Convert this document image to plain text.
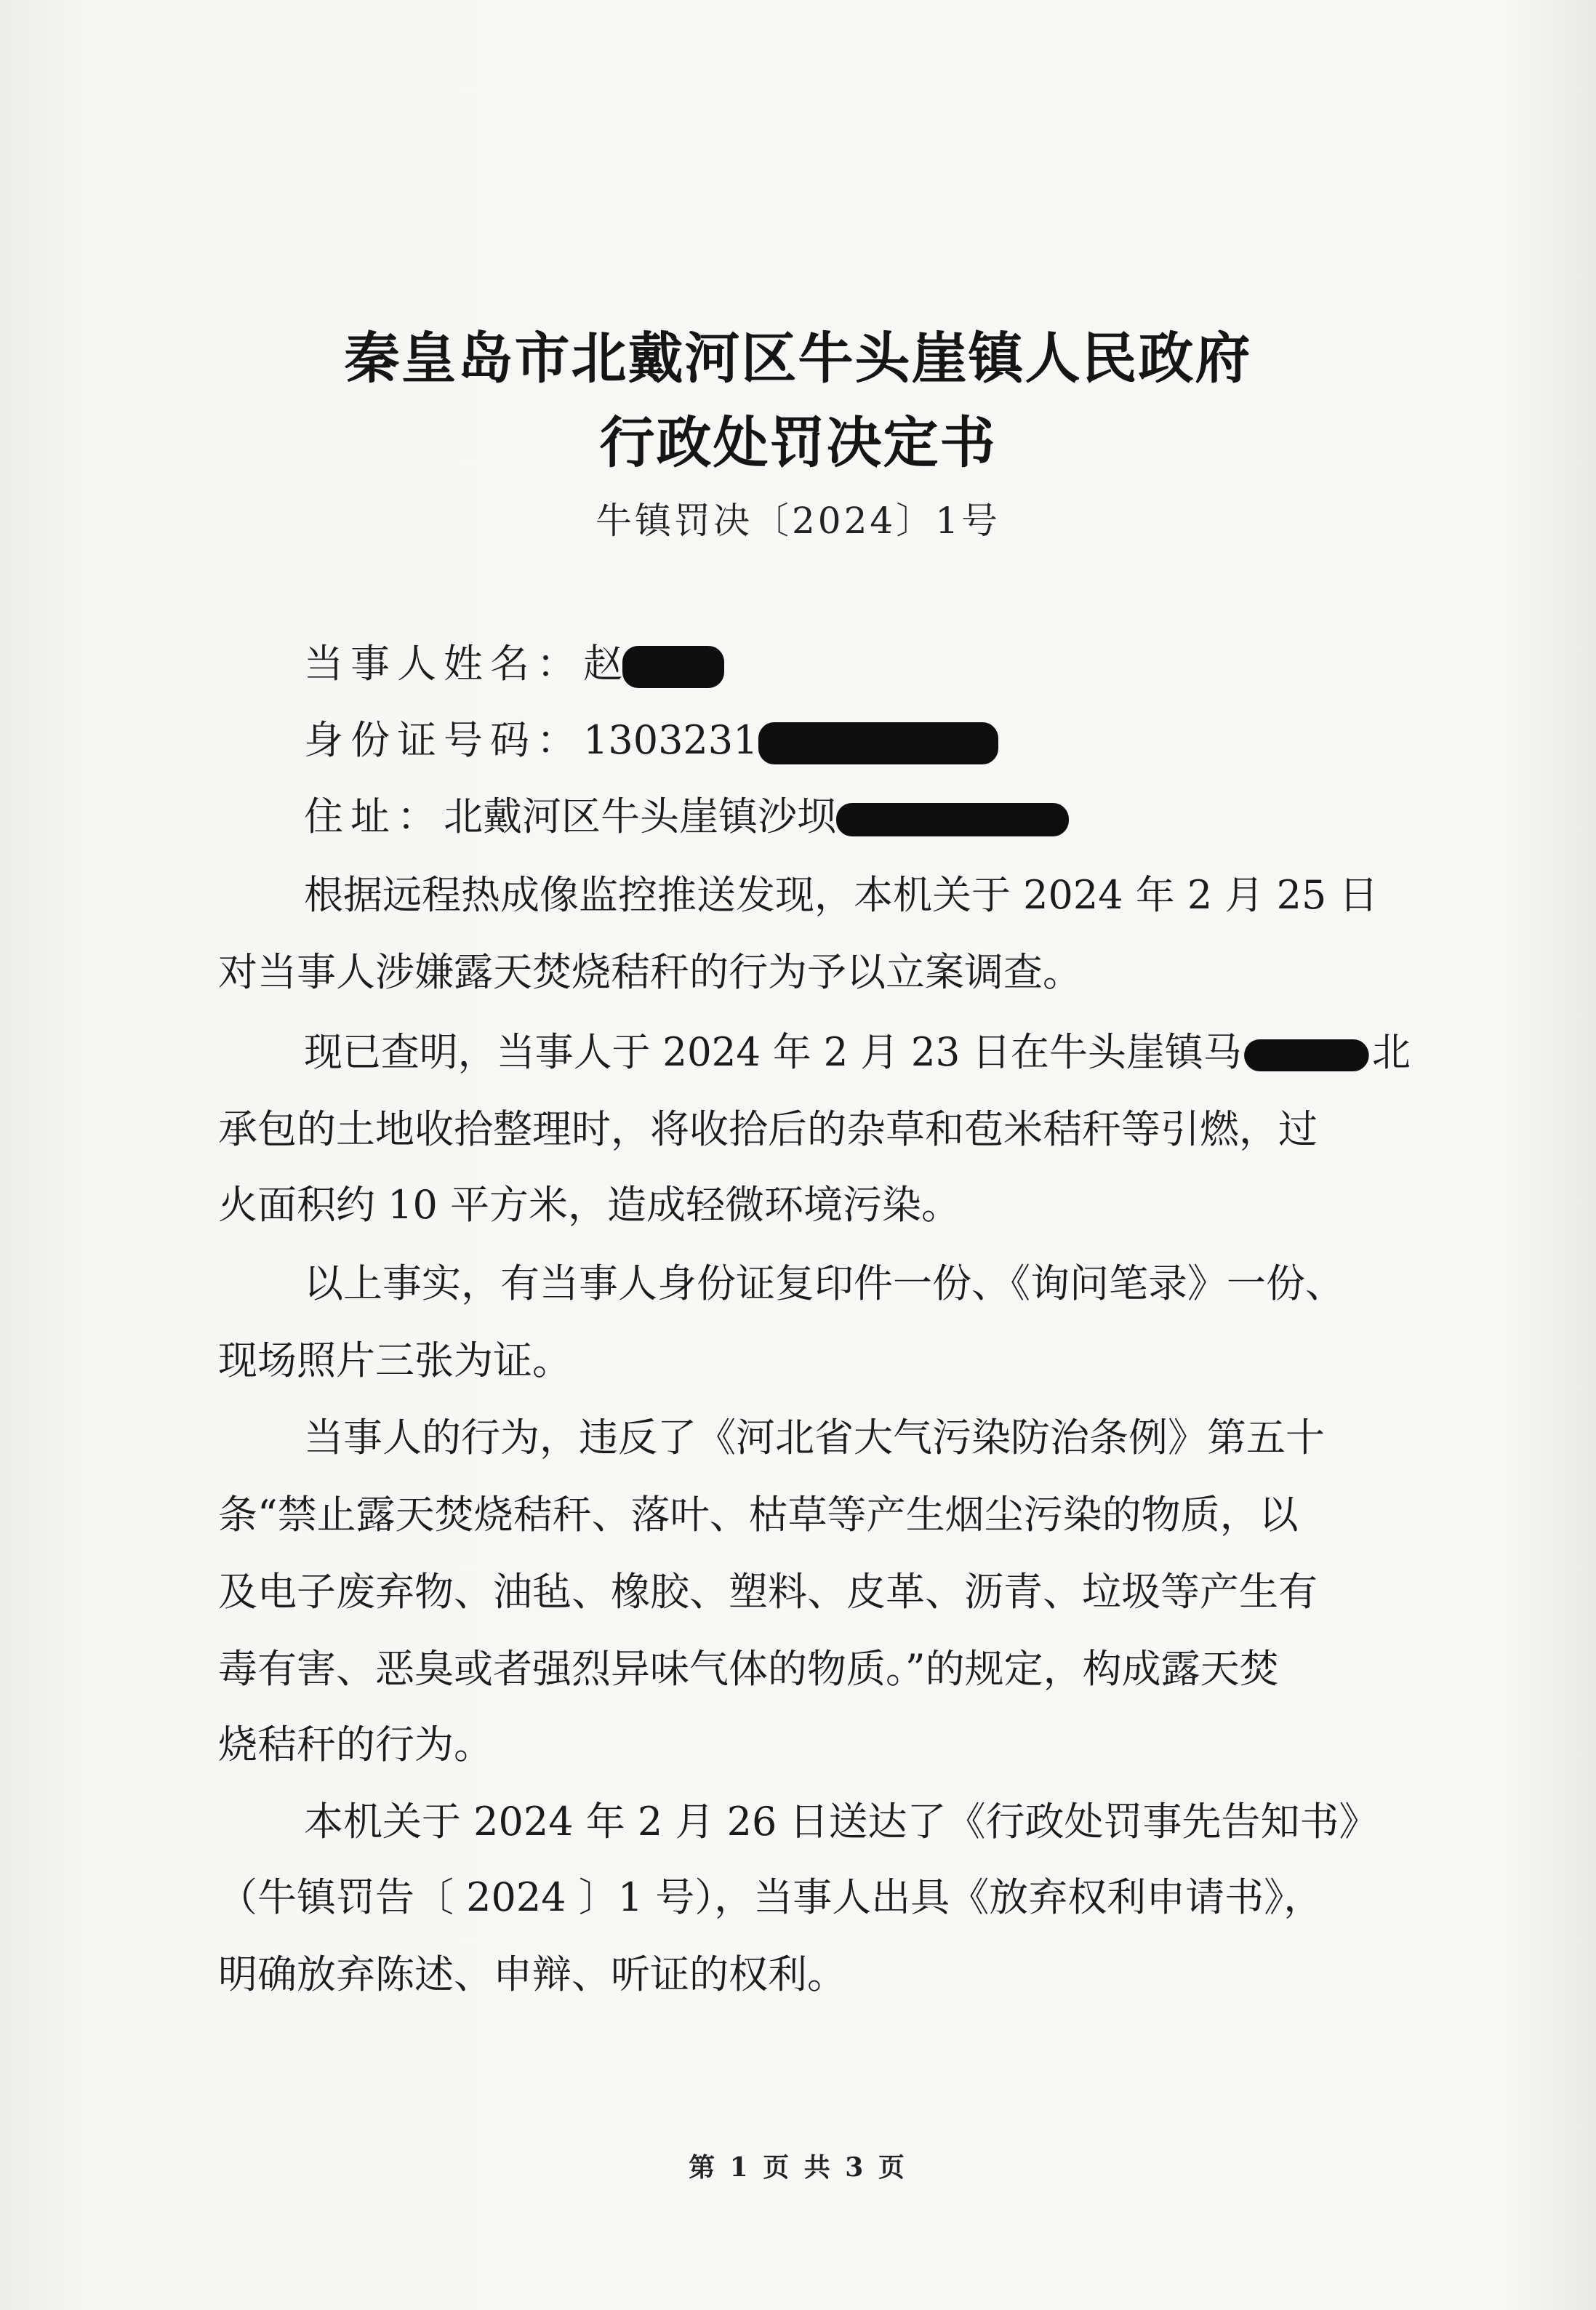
秦皇岛市北戴河区牛头崖镇人民政府
行政处罚决定书
牛镇罚决〔2024〕1号
当事人姓名：赵
身份证号码：1303231
住址：北戴河区牛头崖镇沙坝
根据远程热成像监控推送发现，本机关于 2024 年 2 月 25 日
对当事人涉嫌露天焚烧秸秆的行为予以立案调查。
现已查明，当事人于 2024 年 2 月 23 日在牛头崖镇马	北
承包的土地收拾整理时，将收拾后的杂草和苞米秸秆等引燃，过
火面积约 10 平方米，造成轻微环境污染。
以上事实，有当事人身份证复印件一份、《询问笔录》一份、
现场照片三张为证。
当事人的行为，违反了《河北省大气污染防治条例》第五十
条“禁止露天焚烧秸秆、落叶、枯草等产生烟尘污染的物质，以
及电子废弃物、油毡、橡胶、塑料、皮革、沥青、垃圾等产生有
毒有害、恶臭或者强烈异味气体的物质。”的规定，构成露天焚
烧秸秆的行为。
本机关于 2024 年 2 月 26 日送达了《行政处罚事先告知书》
（牛镇罚告〔 2024 〕1 号），当事人出具《放弃权利申请书》，
明确放弃陈述、申辩、听证的权利。
第 1 页 共 3 页
